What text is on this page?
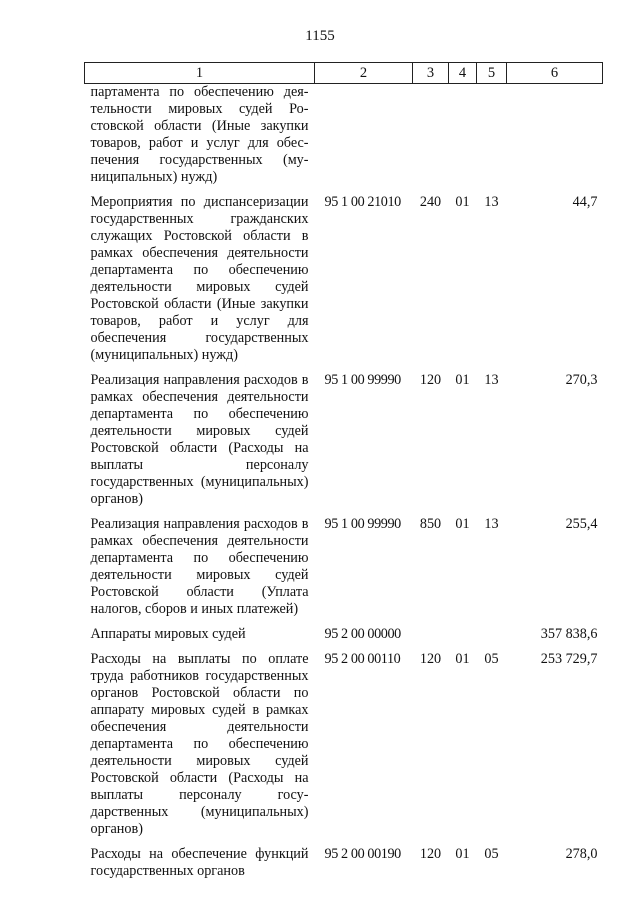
1155
1	2	3	4	5	6
партамента по обеспечению деятельности мировых судей Ростовской области (Иные закупки товаров, работ и услуг для обеспечения государственных (муниципальных) нужд)					
Мероприятия по диспансеризации государственных гражданских служащих Ростовской области в рамках обеспечения деятельности департамента по обеспечению деятельности мировых судей Ростовской области (Иные закупки товаров, работ и услуг для обеспечения государственных (муниципальных) нужд)	95 1 00 21010	240	01	13	44,7
Реализация направления расходов в рамках обеспечения деятельности департамента по обеспечению деятельности мировых судей Ростовской области (Расходы на выплаты персоналу государственных (муниципальных) органов)	95 1 00 99990	120	01	13	270,3
Реализация направления расходов в рамках обеспечения деятельности департамента по обеспечению деятельности мировых судей Ростовской области (Уплата налогов, сборов и иных платежей)	95 1 00 99990	850	01	13	255,4
Аппараты мировых судей	95 2 00 00000				357 838,6
Расходы на выплаты по оплате труда работников государственных органов Ростовской области по аппарату мировых судей в рамках обеспечения деятельности департамента по обеспечению деятельности мировых судей Ростовской области (Расходы на выплаты персоналу государственных (муниципальных) органов)	95 2 00 00110	120	01	05	253 729,7
Расходы на обеспечение функций государственных органов	95 2 00 00190	120	01	05	278,0
